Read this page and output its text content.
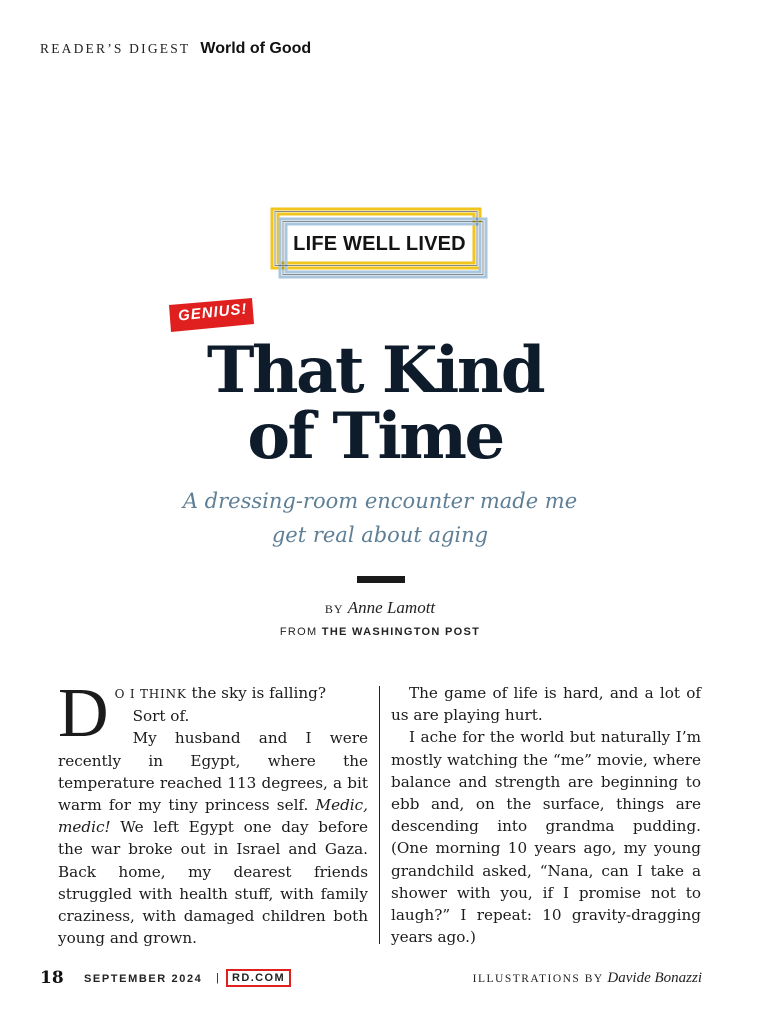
READER’S DIGEST World of Good
LIFE WELL LIVED
GENIUS!
That Kind
of Time
A dressing-room encounter made me
get real about aging
BY Anne Lamott
FROM THE WASHINGTON POST

D O I THINK the sky is falling?

Sort of.

My husband and I were recently in Egypt, where the temperature reached 113 degrees, a bit warm for my tiny princess self. Medic, medic! We left Egypt one day before the war broke out in Israel and Gaza. Back home, my dearest friends struggled with health stuff, with family craziness, with damaged children both young and grown.

The game of life is hard, and a lot of us are playing hurt.

I ache for the world but naturally I’m mostly watching the “me” movie, where balance and strength are beginning to ebb and, on the surface, things are descending into grandma pudding. (One morning 10 years ago, my young grandchild asked, “Nana, can I take a shower with you, if I promise not to laugh?” I repeat: 10 gravity-dragging years ago.)

18 SEPTEMBER 2024 |	RD.COM	ILLUSTRATIONS BY Davide Bonazzi
